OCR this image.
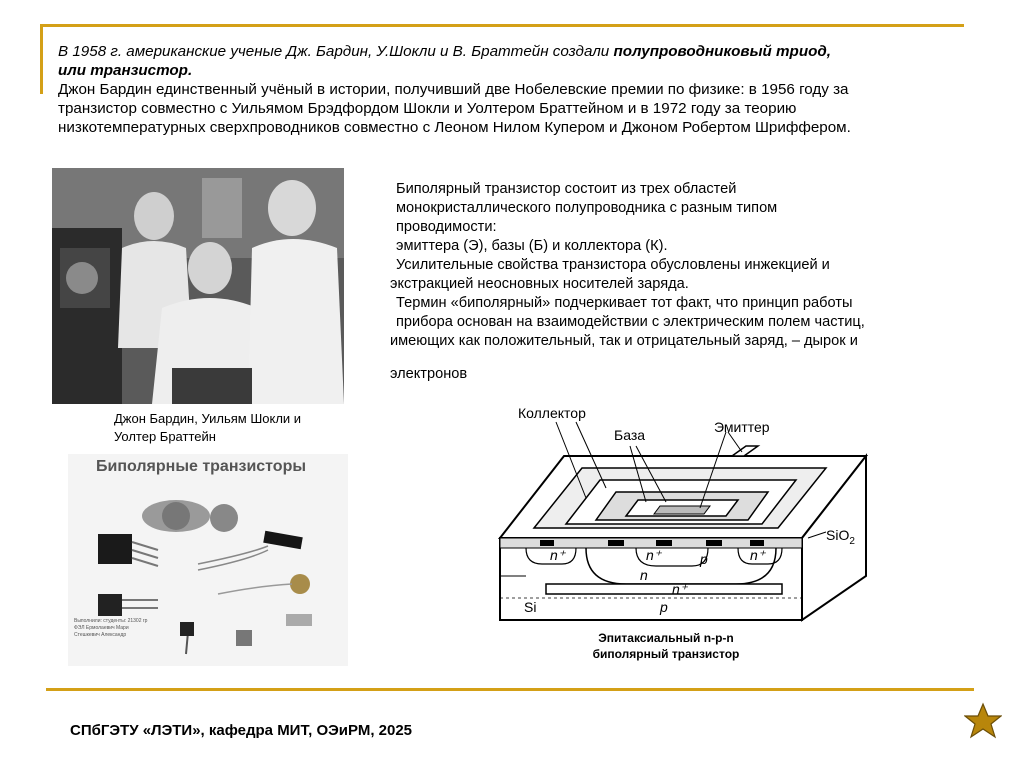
В 1958 г. американские ученые Дж. Бардин, У.Шокли и В. Браттейн создали полупроводниковый триод,

или транзистор.

Джон Бардин единственный учёный в истории, получивший две Нобелевские премии по физике: в 1956 году за

транзистор совместно с Уильямом Брэдфордом Шокли и Уолтером Браттейном и в 1972 году за теорию

низкотемпературных сверхпроводников совместно с Леоном Нилом Купером и Джоном Робертом Шриффером.

Джон Бардин, Уильям Шокли и
Уолтер Браттейн

Биполярный транзистор состоит из трех областей

монокристаллического полупроводника с разным типом

проводимости:

эмиттера (Э), базы (Б) и коллектора (К).

Усилительные свойства транзистора обусловлены инжекцией и

экстракцией неосновных носителей заряда.

Термин «биполярный» подчеркивает тот факт, что принцип работы

прибора основан на взаимодействии с электрическим полем частиц,

имеющих как положительный, так и отрицательный заряд, – дырок и

электронов

Биполярные транзисторы
Выполнили: студенты: 21302 гр ФЭЛ Ермолаевич Мари Стешкевич Александр
Коллектор
База	Эмиттер
SiO$_2$
n⁺	n⁺	p	n⁺
n
n⁺
Si	p
Эпитаксиальный n-p-n
биполярный транзистор
СПбГЭТУ «ЛЭТИ», кафедра МИТ, ОЭиРМ, 2025
